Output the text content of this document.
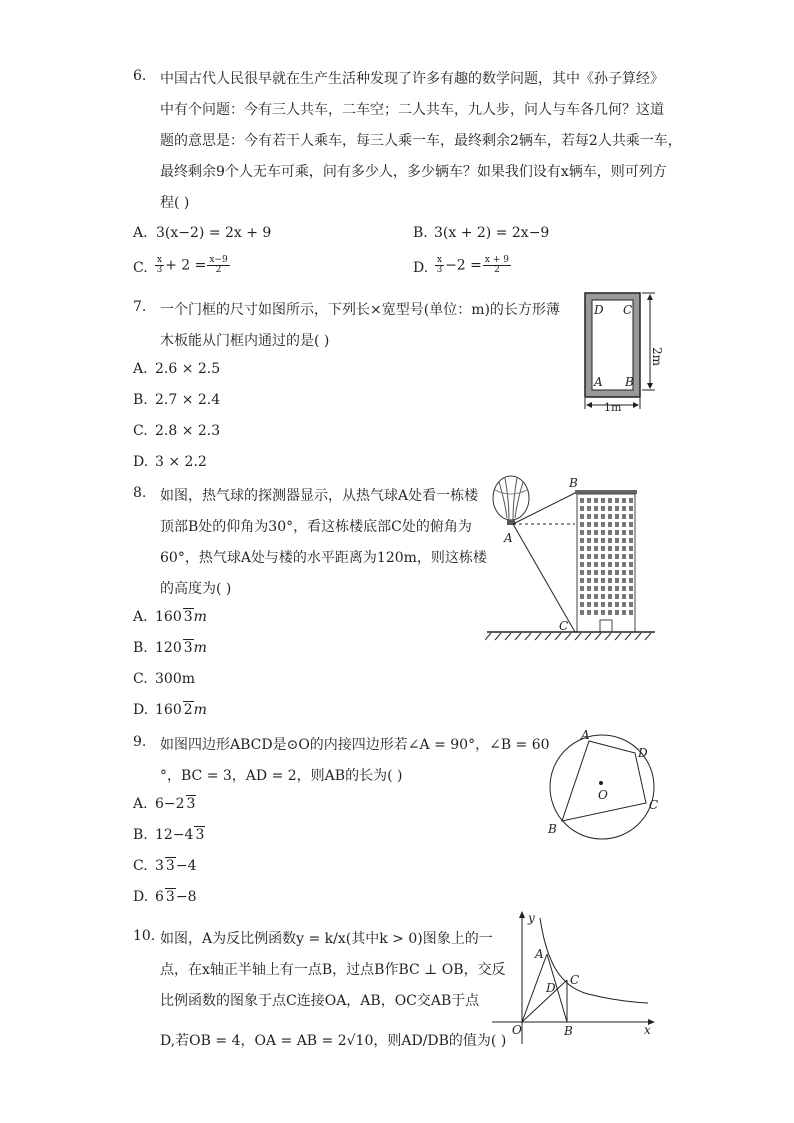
6. 中国古代人民很早就在生产生活种发现了许多有趣的数学问题，其中《孙子算经》
中有个问题：今有三人共车，二车空；二人共车，九人步，问人与车各几何？这道
题的意思是：今有若干人乘车，每三人乘一车，最终剩余2辆车，若每2人共乘一车，
最终剩余9个人无车可乘，问有多少人，多少辆车？如果我们设有x辆车，则可列方
程( )
A. 3(x−2) = 2x + 9	B. 3(x + 2) = 2x−9
C. $\frac{x}{3} + 2 = \frac{x-9}{2}$	D. $\frac{x}{3} -2 = \frac{x + 9}{2}$
7. 一个门框的尺寸如图所示，下列长×宽型号(单位：m)的长方形薄
木板能从门框内通过的是( )
A. 2.6 × 2.5
B. 2.7 × 2.4
C. 2.8 × 2.3
D. 3 × 2.2
D C
A B
2m
1m
8. 如图，热气球的探测器显示，从热气球A处看一栋楼
顶部B处的仰角为30°，看这栋楼底部C处的俯角为
60°，热气球A处与楼的水平距离为120m，则这栋楼
的高度为( )
A. 160 3m
B. 120 3m
C. 300m
D. 160 2m
A
B
C
9. 如图四边形ABCD是⊙O的内接四边形若∠A = 90°，∠B = 60
°，BC = 3，AD = 2，则AB的长为( )
A. 6−2 3
B. 12−4 3
C. 3 3−4
D. 6 3−8
A
D
C
B
O
10. 如图，A为反比例函数y = k/x(其中k > 0)图象上的一
点，在x轴正半轴上有一点B，过点B作BC ⊥ OB，交反
比例函数的图象于点C连接OA，AB，OC交AB于点
D,若OB = 4，OA = AB = 2√10，则AD/DB的值为( )
y
x
O
A
D
C
B
